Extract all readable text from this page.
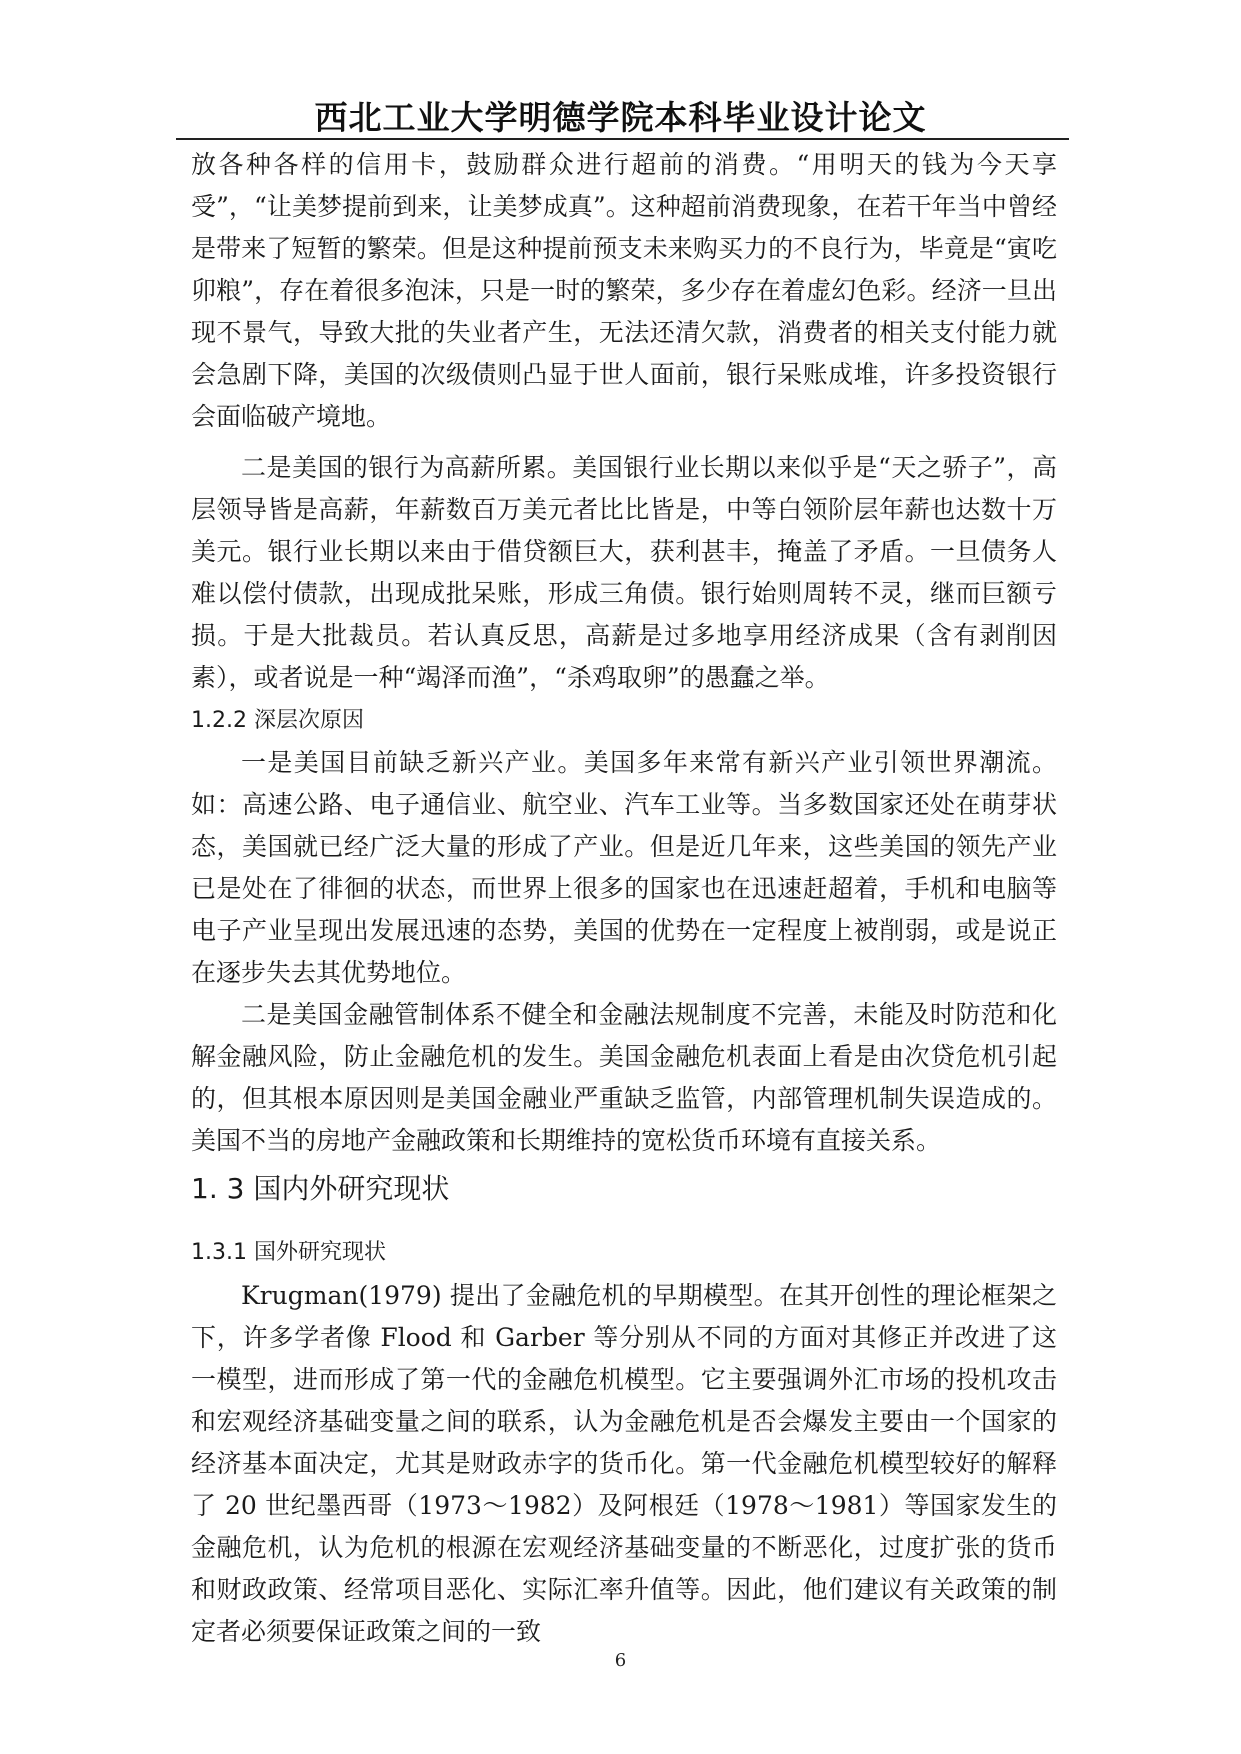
西北工业大学明德学院本科毕业设计论文

放各种各样的信用卡，鼓励群众进行超前的消费。“用明天的钱为今天享受”，“让美梦提前到来，让美梦成真”。这种超前消费现象，在若干年当中曾经是带来了短暂的繁荣。但是这种提前预支未来购买力的不良行为，毕竟是“寅吃卯粮”，存在着很多泡沫，只是一时的繁荣，多少存在着虚幻色彩。经济一旦出现不景气，导致大批的失业者产生，无法还清欠款，消费者的相关支付能力就会急剧下降，美国的次级债则凸显于世人面前，银行呆账成堆，许多投资银行会面临破产境地。

二是美国的银行为高薪所累。美国银行业长期以来似乎是“天之骄子”，高层领导皆是高薪，年薪数百万美元者比比皆是，中等白领阶层年薪也达数十万美元。银行业长期以来由于借贷额巨大，获利甚丰，掩盖了矛盾。一旦债务人难以偿付债款，出现成批呆账，形成三角债。银行始则周转不灵，继而巨额亏损。于是大批裁员。若认真反思，高薪是过多地享用经济成果（含有剥削因素），或者说是一种“竭泽而渔”，“杀鸡取卵”的愚蠢之举。

1.2.2 深层次原因

一是美国目前缺乏新兴产业。美国多年来常有新兴产业引领世界潮流。如：高速公路、电子通信业、航空业、汽车工业等。当多数国家还处在萌芽状态，美国就已经广泛大量的形成了产业。但是近几年来，这些美国的领先产业已是处在了徘徊的状态，而世界上很多的国家也在迅速赶超着，手机和电脑等电子产业呈现出发展迅速的态势，美国的优势在一定程度上被削弱，或是说正在逐步失去其优势地位。

二是美国金融管制体系不健全和金融法规制度不完善，未能及时防范和化解金融风险，防止金融危机的发生。美国金融危机表面上看是由次贷危机引起的，但其根本原因则是美国金融业严重缺乏监管，内部管理机制失误造成的。美国不当的房地产金融政策和长期维持的宽松货币环境有直接关系。

1. 3 国内外研究现状

1.3.1 国外研究现状

Krugman(1979) 提出了金融危机的早期模型。在其开创性的理论框架之下，许多学者像 Flood 和 Garber 等分别从不同的方面对其修正并改进了这一模型，进而形成了第一代的金融危机模型。它主要强调外汇市场的投机攻击和宏观经济基础变量之间的联系，认为金融危机是否会爆发主要由一个国家的经济基本面决定，尤其是财政赤字的货币化。第一代金融危机模型较好的解释了 20 世纪墨西哥（1973～1982）及阿根廷（1978～1981）等国家发生的金融危机，认为危机的根源在宏观经济基础变量的不断恶化，过度扩张的货币和财政政策、经常项目恶化、实际汇率升值等。因此，他们建议有关政策的制定者必须要保证政策之间的一致

6
